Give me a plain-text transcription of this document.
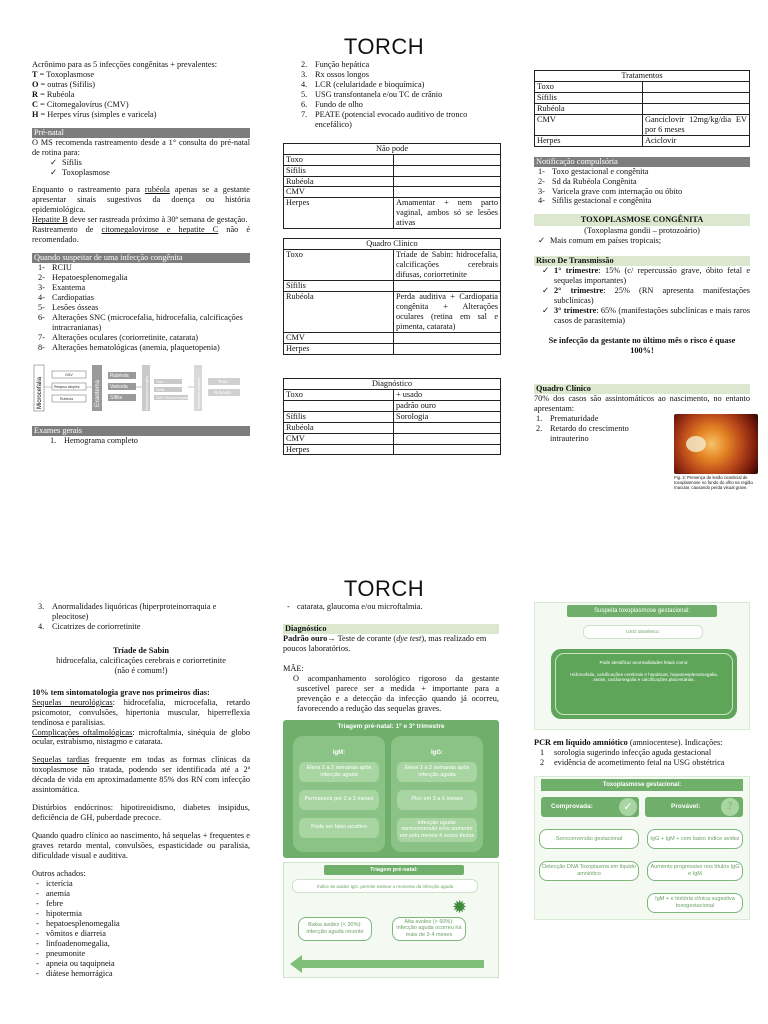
TORCH
Acrônimo para as 5 infecções congênitas + prevalentes:
T = Toxoplasmose
O = outras (Sífilis)
R = Rubéola
C = Citomegalovírus (CMV)
H = Herpes vírus (simples e varicela)
Pré-natal
O MS recomenda rastreamento desde a 1° consulta do pré-natal de rotina para:
✓ Sífilis
✓ Toxoplasmose
Enquanto o rastreamento para rubéola apenas se a gestante apresentar sinais sugestivos da doença ou história epidemiológica.
Hepatite B deve ser rastreada próximo à 30ª semana de gestação.
Rastreamento de citomegalovirose e hepatite C não é recomendado.
Quando suspeitar de uma infecção congênita
1- RCIU
2- Hepatoesplenomegalia
3- Exantema
4- Cardiopatias
5- Lesões ósseas
6- Alterações SNC (microcefalia, hidrocefalia, calcificações intracranianas)
7- Alterações oculares (coriorretinite, catarata)
8- Alterações hematológicas (anemia, plaquetopenia)
Microcefalia
CMV
Relapso simples
Rubéola	Exantema
Rubéola
Varicela
Sífilis	Hepatoesplenomegalia Toxo
Sífilis
CMV Hepatomegalia Alterações oculares	Toxo
Rubéola
Exames gerais
1. Hemograma completo
2. Função hepática
3. Rx ossos longos
4. LCR (celularidade e bioquímica)
5. USG transfontanela e/ou TC de crânio
6. Fundo de olho
7. PEATE (potencial evocado auditivo de tronco encefálico)
Não pode	
Toxo	
Sífilis	
Rubéola	
CMV	
Herpes	Amamentar + nem parto vaginal, ambos só se lesões ativas
Quadro Clínico	
Toxo	Tríade de Sabin: hidrocefalia, calcificações cerebrais difusas, coriorretinite
Sífilis	
Rubéola	Perda auditiva + Cardiopatia congênita + Alterações oculares (retina em sal e pimenta, catarata)
CMV	
Herpes	
Diagnóstico	
Toxo	+ usado
	padrão ouro
Sífilis	Sorologia
Rubéola	
CMV	
Herpes	
Tratamentos	
Toxo	
Sífilis	
Rubéola	
CMV	Ganciclovir 12mg/kg/dia EV por 6 meses
Herpes	Aciclovir
Notificação compulsória
1- Toxo gestacional e congênita
2- Sd da Rubéola Congênita
3- Varicela grave com internação ou óbito
4- Sífilis gestacional e congênita
TOXOPLASMOSE CONGÊNITA
(Toxoplasma gondii – protozoário)
✓ Mais comum em países tropicais;
Risco De Transmissão
✓ 1° trimestre: 15% (c/ repercussão grave, óbito fetal e sequelas importantes)
✓ 2° trimestre: 25% (RN apresenta manifestações subclínicas)
✓ 3° trimestre: 65% (manifestações subclínicas e mais raros casos de parasitemia)
Se infecção da gestante no último mês o risco é quase 100%!
Quadro Clínico
70% dos casos são assintomáticos ao nascimento, no entanto apresentam:
1. Prematuridade
2. Retardo do crescimento intrauterino
Fig. 2: Presença de lesão cicatricial de toxoplasmose no fundo do olho na região macular, causando perda visual grave.
TORCH
3. Anormalidades liquóricas (hiperproteinorraquia e pleocitose)
4. Cicatrizes de coriorretinite
Tríade de Sabin
hidrocefalia, calcificações cerebrais e coriorretinite
(não é comum!)
10% tem sintomatologia grave nos primeiros dias:
Sequelas neurológicas: hidrocefalia, microcefalia, retardo psicomotor, convulsões, hipertonia muscular, hiperreflexia tendínosa e paralisias.
Complicações oftalmológicas: microftalmia, sinéquia de globo ocular, estrabismo, nistagmo e catarata.
Sequelas tardias frequente em todas as formas clínicas da toxoplasmose não tratada, podendo ser identificada até a 2ª década de vida em aproximadamente 85% dos RN com infecção assintomática.
Distúrbios endócrinos: hipotireoidismo, diabetes insipidus, deficiência de GH, puberdade precoce.
Quando quadro clínico ao nascimento, há sequelas + frequentes e graves retardo mental, convulsões, espasticidade ou paralisia, dificuldade visual e auditiva.
Outros achados:
- icterícia
- anemia
- febre
- hipotermia
- hepatoesplenomegalia
- vômitos e diarreia
- linfoadenomegalia,
- pneumonite
- apneia ou taquipneia
- diátese hemorrágica
- catarata, glaucoma e/ou microftalmia.
Diagnóstico
Padrão ouro→ Teste de corante (dye test), mas realizado em poucos laboratórios.
MÃE:
O acompanhamento sorológico rigoroso da gestante suscetível parece ser a medida + importante para a prevenção e a detecção da infecção quando já ocorreu, favorecendo a redução das sequelas graves.
Triagem pré-natal: 1º e 3º trimestre
IgM:	IgG:
Eleva 1 a 2 semanas após infecção aguda
Permanece por 2 a 3 meses
Pode ser falso-positivo
Eleva 1 a 2 semanas após infecção aguda
Pico em 3 a 6 meses
Infecção aguda: soroconversão e/ou aumento em pelo menos 4 vezes títulos
Triagem pré-natal:
Índice de avidez IgG: permite estimar o momento da infecção aguda
✹
Baixa avidez (< 30%): infecção aguda recente
Alta avidez (> 60%): infecção aguda ocorreu há mais de 3-4 meses
Suspeita toxoplasmose gestacional:
USG obstétrico:
Pode identificar anormalidades fetais como:
Hidrocefalia, calcificações cerebrais e hepáticas, hepatoesplenomegalia, ascite, cardiomegalia e calcificações placentárias.
PCR em líquido amniótico (amniocentese). Indicações:
1 sorologia sugerindo infecção aguda gestacional
2 evidência de acometimento fetal na USG obstétrica
Toxoplasmose gestacional:
Comprovada:	✓	Provável:	?
Soroconversão gestacional
Detecção DNA Toxoplasma em líquido amniótico
IgG + IgM + com baixo índice avidez
Aumento progressivo nos títulos IgG e IgM
IgM + e história clínica sugestiva toxogestacional
